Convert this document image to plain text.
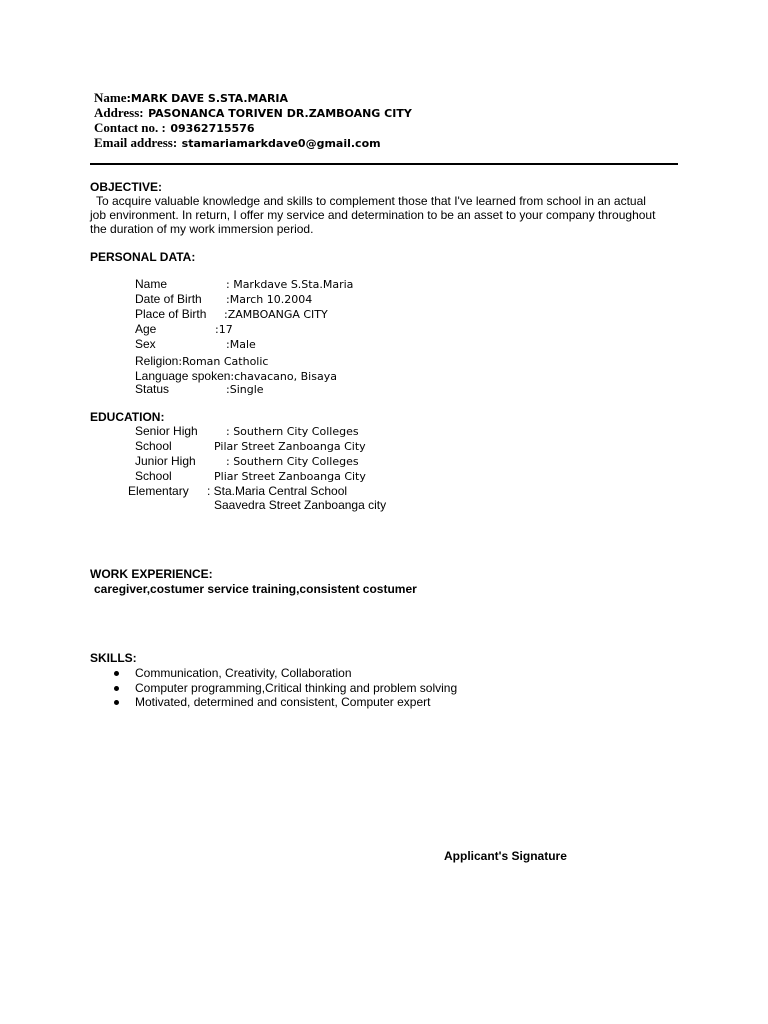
Name:MARK DAVE S.STA.MARIA
Address: PASONANCA TORIVEN DR.ZAMBOANG CITY
Contact no. : 09362715576
Email address: stamariamarkdave0@gmail.com
OBJECTIVE:
To acquire valuable knowledge and skills to complement those that I've learned from school in an actual
job environment. In return, I offer my service and determination to be an asset to your company throughout
the duration of my work immersion period.
PERSONAL DATA:
Name	: Markdave S.Sta.Maria
Date of Birth :March 10.2004
Place of Birth :ZAMBOANGA CITY
Age	:17
Sex	:Male
Religion:Roman Catholic
Language spoken:chavacano, Bisaya
Status	:Single
EDUCATION:
Senior High	: Southern City Colleges
School	Pilar Street Zanboanga City
Junior High	: Southern City Colleges
School	Pliar Street Zanboanga City
Elementary : Sta.Maria Central School
Saavedra Street Zanboanga city
WORK EXPERIENCE:
caregiver,costumer service training,consistent costumer
SKILLS:
Communication, Creativity, Collaboration
Computer programming,Critical thinking and problem solving
Motivated, determined and consistent, Computer expert
Applicant's Signature
